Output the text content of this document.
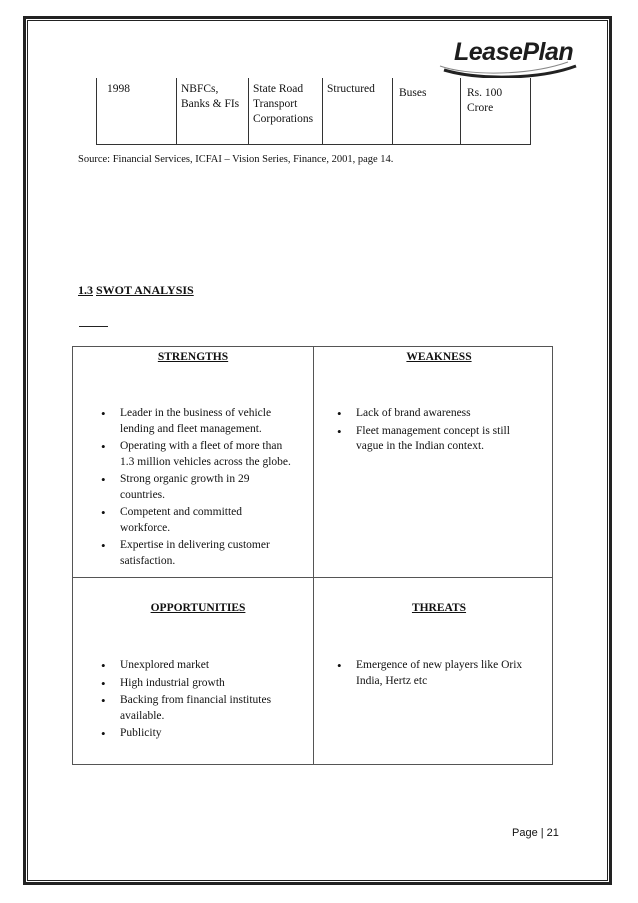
LeasePlan
1998	NBFCs, Banks & FIs	State Road Transport Corporations	Structured	Buses	Rs. 100 Crore
Source: Financial Services, ICFAI – Vision Series, Finance, 2001, page 14.
1.3 SWOT ANALYSIS
STRENGTHS
• Leader in the business of vehicle lending and fleet management.
• Operating with a fleet of more than 1.3 million vehicles across the globe.
• Strong organic growth in 29 countries.
• Competent and committed workforce.
• Expertise in delivering customer satisfaction.
WEAKNESS
• Lack of brand awareness
• Fleet management concept is still vague in the Indian context.
OPPORTUNITIES
• Unexplored market
• High industrial growth
• Backing from financial institutes available.
• Publicity
THREATS
• Emergence of new players like Orix India, Hertz etc
Page | 21
